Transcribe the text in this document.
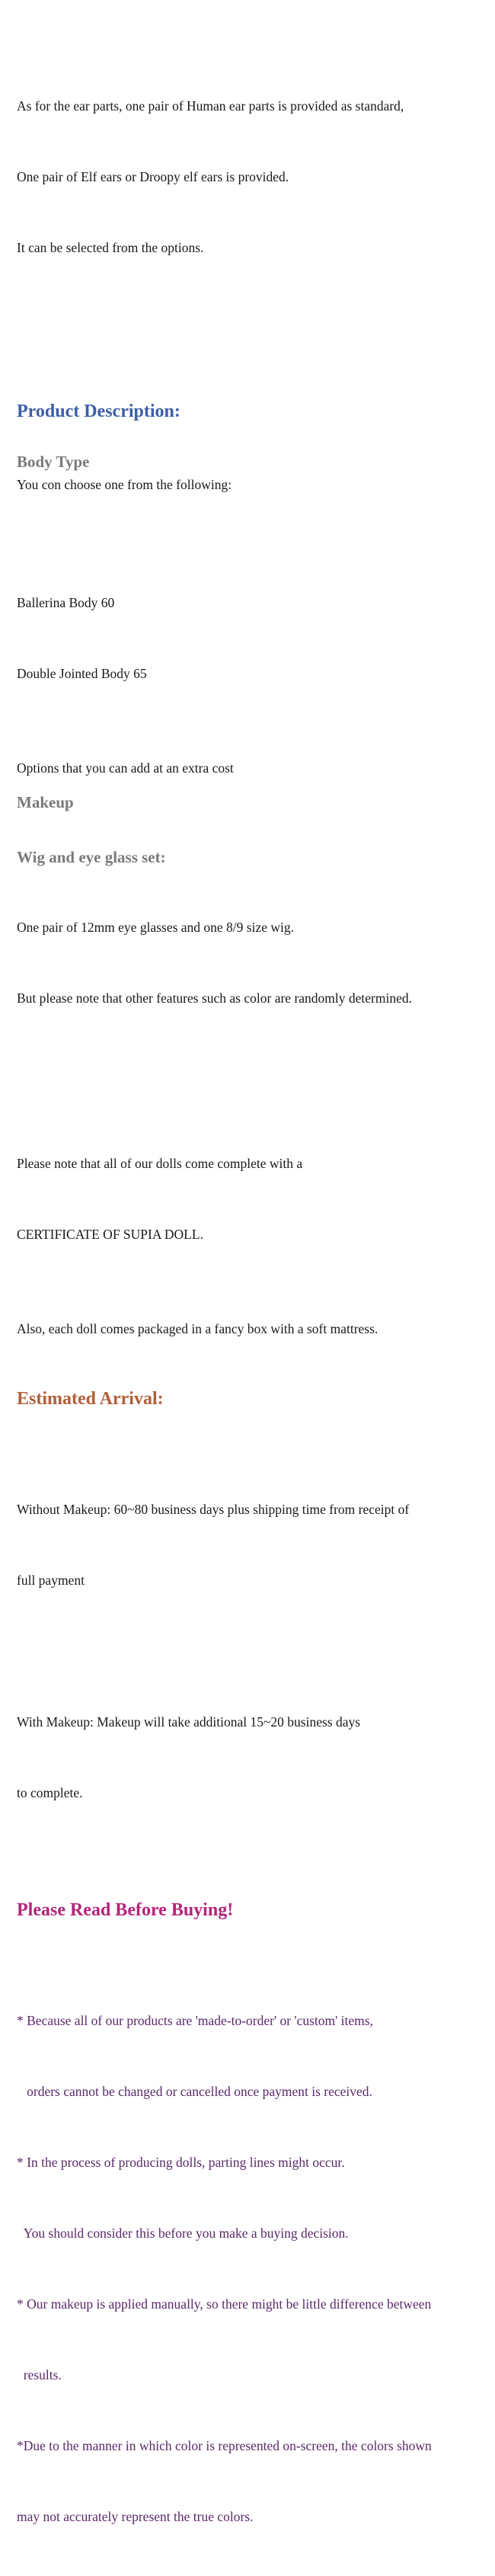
As for the ear parts, one pair of Human ear parts is provided as standard,

One pair of Elf ears or Droopy elf ears is provided.

It can be selected from the options.

Product Description:
Body Type

You con choose one from the following:

Ballerina Body 60

Double Jointed Body 65

Options that you can add at an extra cost

Makeup
Wig and eye glass set:

One pair of 12mm eye glasses and one 8/9 size wig.

But please note that other features such as color are randomly determined.

Please note that all of our dolls come complete with a

CERTIFICATE OF SUPIA DOLL.

Also, each doll comes packaged in a fancy box with a soft mattress.

Estimated Arrival:

Without Makeup: 60~80 business days plus shipping time from receipt of

full payment

With Makeup: Makeup will take additional 15~20 business days

to complete.

Please Read Before Buying!

* Because all of our products are 'made-to-order' or 'custom' items,

orders cannot be changed or cancelled once payment is received.

* In the process of producing dolls, parting lines might occur.

You should consider this before you make a buying decision.

* Our makeup is applied manually, so there might be little difference between

results.

*Due to the manner in which color is represented on-screen, the colors shown

may not accurately represent the true colors.
